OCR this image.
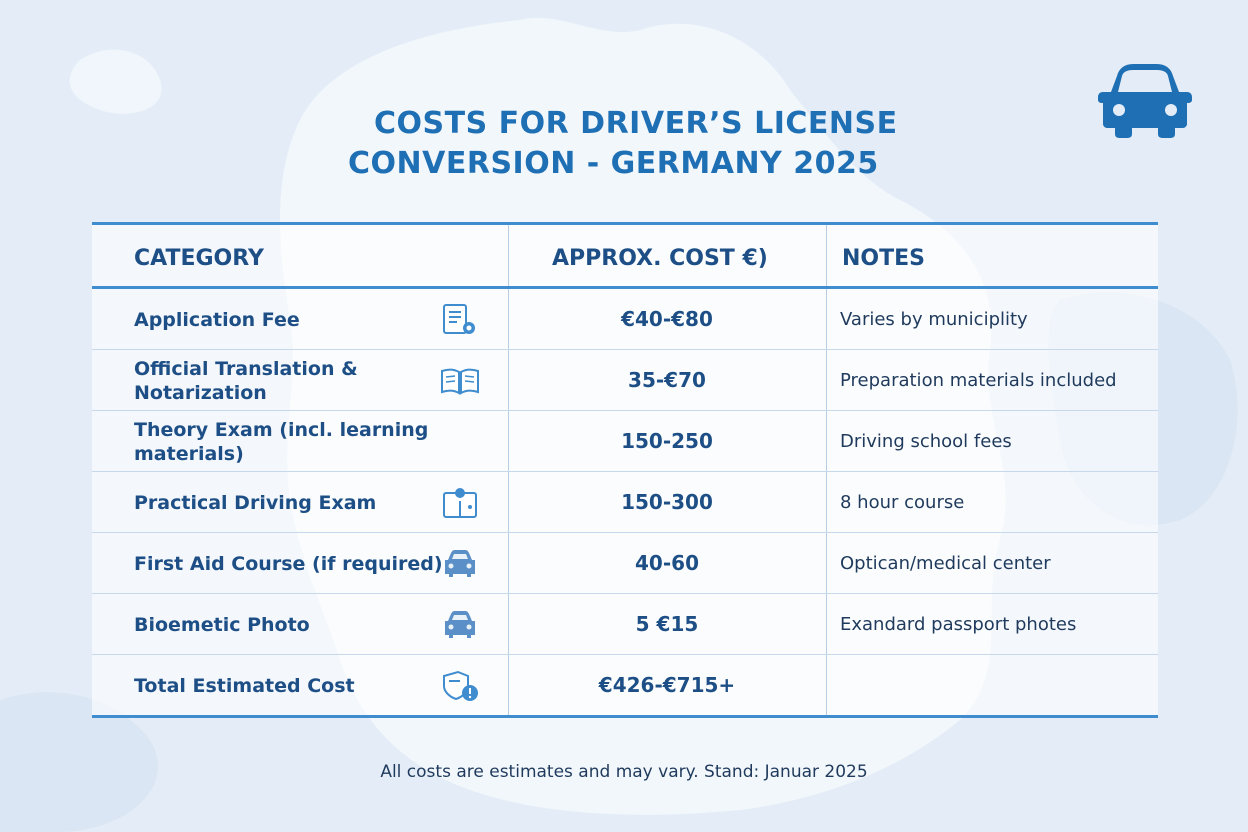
COSTS FOR DRIVER’S LICENSE
CONVERSION - GERMANY 2025
CATEGORY	APPROX. COST €)	NOTES
Application Fee	€40-€80	Varies by municiplity
Official Translation &
Notarization
35-€70	Preparation materials included
Theory Exam (incl. learning materials)
150-250	Driving school fees
Practical Driving Exam	150-300	8 hour course
First Aid Course (if required)	40-60	Optican/medical center
Bioemetic Photo	5 €15	Exandard passport photes
Total Estimated Cost	€426-€715+
All costs are estimates and may vary. Stand: Januar 2025
